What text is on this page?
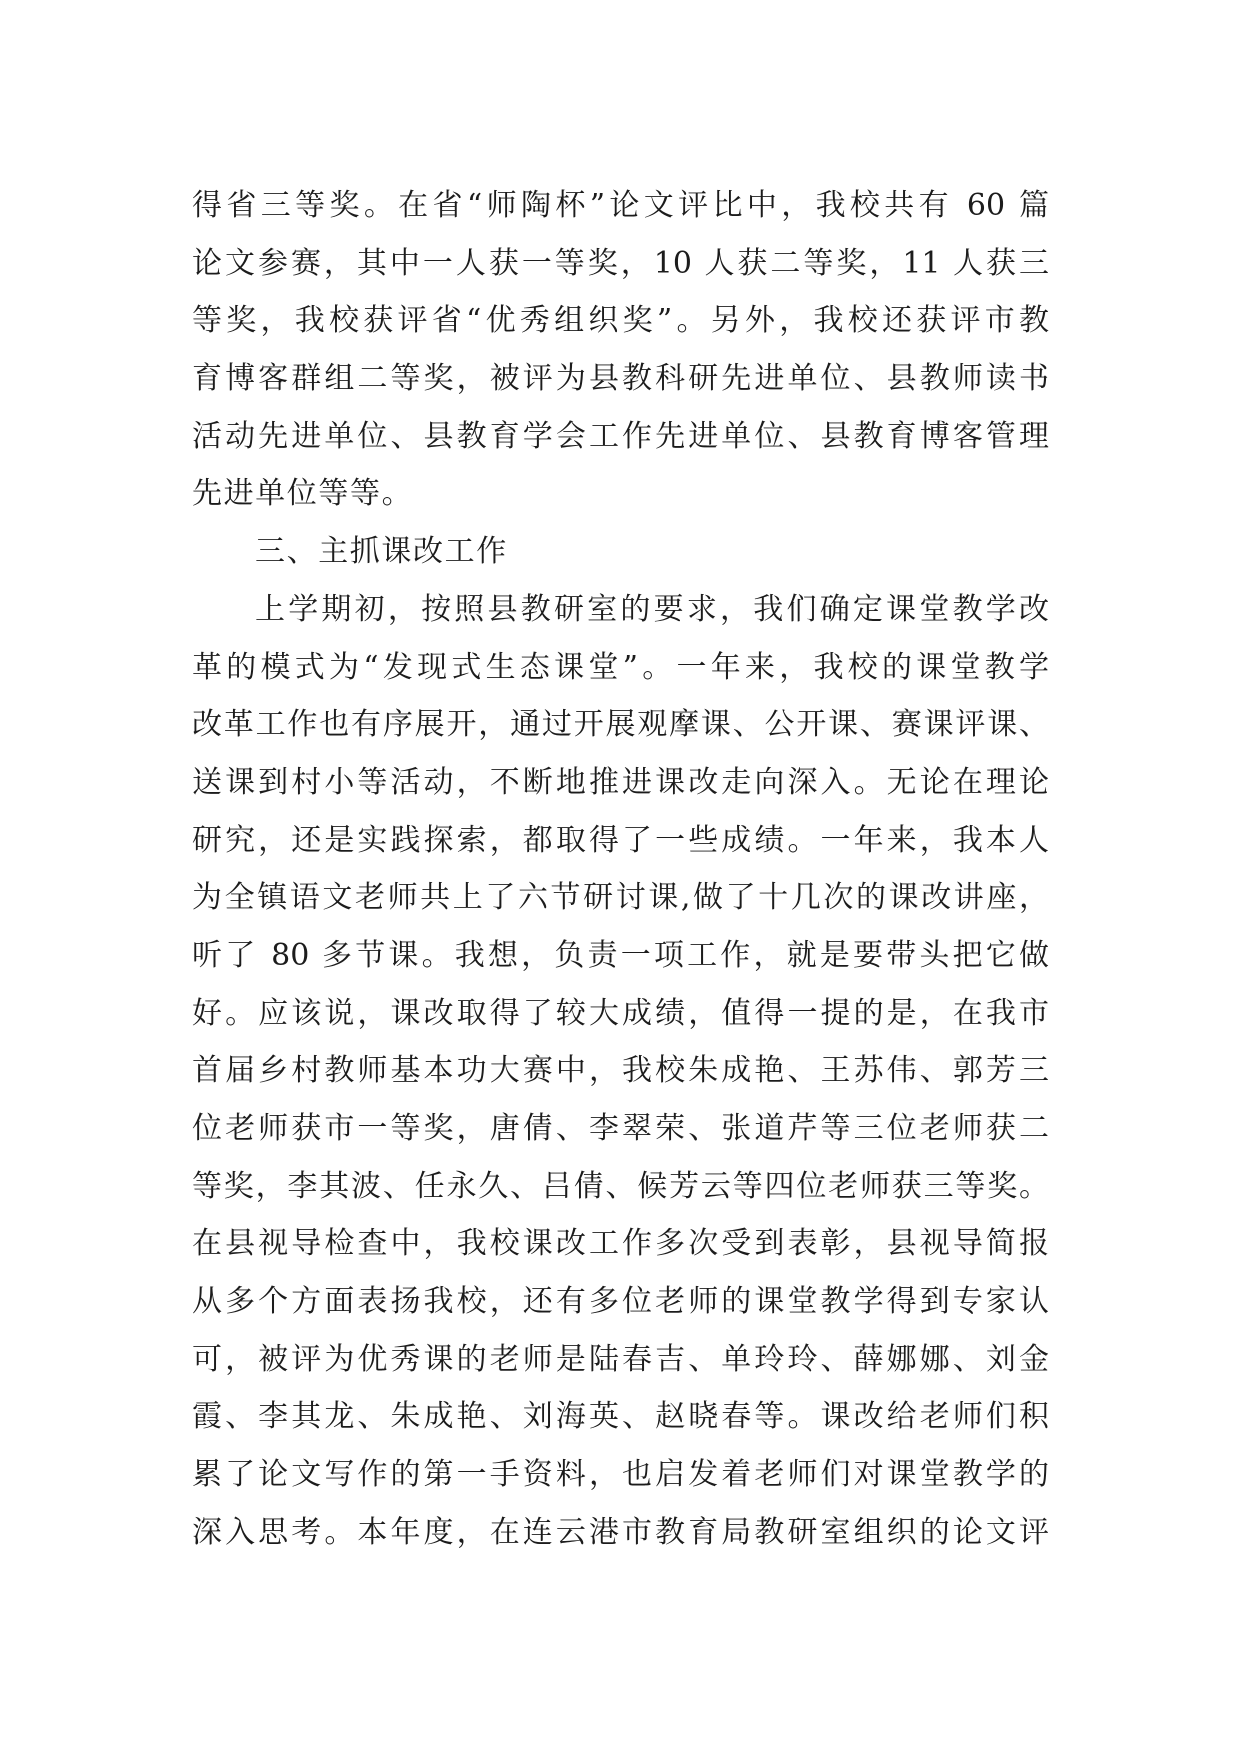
得省三等奖。在省“师陶杯”论文评比中，我校共有 60 篇
论文参赛，其中一人获一等奖，10 人获二等奖，11 人获三
等奖，我校获评省“优秀组织奖”。另外，我校还获评市教
育博客群组二等奖，被评为县教科研先进单位、县教师读书
活动先进单位、县教育学会工作先进单位、县教育博客管理
先进单位等等。
三、主抓课改工作
上学期初，按照县教研室的要求，我们确定课堂教学改
革的模式为“发现式生态课堂”。一年来，我校的课堂教学
改革工作也有序展开，通过开展观摩课、公开课、赛课评课、
送课到村小等活动，不断地推进课改走向深入。无论在理论
研究，还是实践探索，都取得了一些成绩。一年来，我本人
为全镇语文老师共上了六节研讨课,做了十几次的课改讲座，
听了 80 多节课。我想，负责一项工作，就是要带头把它做
好。应该说，课改取得了较大成绩，值得一提的是，在我市
首届乡村教师基本功大赛中，我校朱成艳、王苏伟、郭芳三
位老师获市一等奖，唐倩、李翠荣、张道芹等三位老师获二
等奖，李其波、任永久、吕倩、候芳云等四位老师获三等奖。
在县视导检查中，我校课改工作多次受到表彰，县视导简报
从多个方面表扬我校，还有多位老师的课堂教学得到专家认
可，被评为优秀课的老师是陆春吉、单玲玲、薛娜娜、刘金
霞、李其龙、朱成艳、刘海英、赵晓春等。课改给老师们积
累了论文写作的第一手资料，也启发着老师们对课堂教学的
深入思考。本年度，在连云港市教育局教研室组织的论文评
